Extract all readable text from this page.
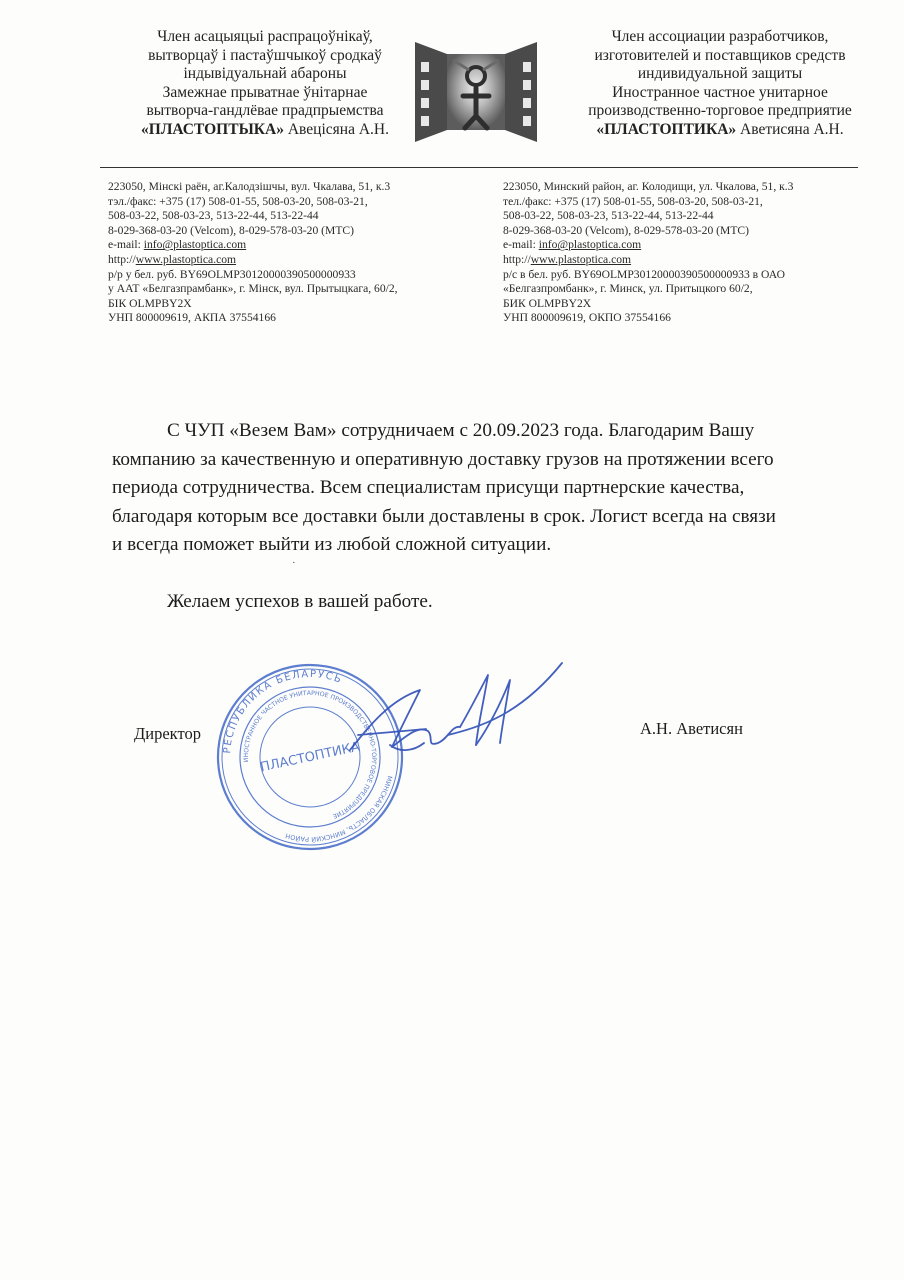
Член асацыяцыі распрацоўнікаў,
вытворцаў і пастаўшчыкоў сродкаў
індывідуальнай абароны
Замежнае прыватнае ўнітарнае
вытворча-гандлёвае прадпрыемства
«ПЛАСТОПТЫКА» Авецісяна А.Н.
Член ассоциации разработчиков,
изготовителей и поставщиков средств
индивидуальной защиты
Иностранное частное унитарное
производственно-торговое предприятие
«ПЛАСТОПТИКА» Аветисяна А.Н.
223050, Мінскі раён, аг.Калодзішчы, вул. Чкалава, 51, к.3
тэл./факс: +375 (17) 508-01-55, 508-03-20, 508-03-21,
508-03-22, 508-03-23, 513-22-44, 513-22-44
8-029-368-03-20 (Velcom), 8-029-578-03-20 (МТС)
e-mail: info@plastoptica.com
http://www.plastoptica.com
р/р у бел. руб. BY69OLMP30120000390500000933
у ААТ «Белгазпрамбанк», г. Мінск, вул. Прытыцкага, 60/2,
БІК OLMPBY2X
УНП 800009619, АКПА 37554166
223050, Минский район, аг. Колодищи, ул. Чкалова, 51, к.3
тел./факс: +375 (17) 508-01-55, 508-03-20, 508-03-21,
508-03-22, 508-03-23, 513-22-44, 513-22-44
8-029-368-03-20 (Velcom), 8-029-578-03-20 (МТС)
e-mail: info@plastoptica.com
http://www.plastoptica.com
р/с в бел. руб. BY69OLMP30120000390500000933 в ОАО
«Белгазпромбанк», г. Минск, ул. Притыцкого 60/2,
БИК OLMPBY2X
УНП 800009619, ОКПО 37554166

С ЧУП «Везем Вам» сотрудничаем с 20.09.2023 года. Благодарим Вашу
компанию за качественную и оперативную доставку грузов на протяжении всего
периода сотрудничества. Всем специалистам присущи партнерские качества,
благодаря которым все доставки были доставлены в срок. Логист всегда на связи
и всегда поможет выйти из любой сложной ситуации.

Желаем успехов в вашей работе.
Директор	А.Н. Аветисян
РЕСПУБЛИКА БЕЛАРУСЬ
ИНОСТРАННОЕ ЧАСТНОЕ УНИТАРНОЕ ПРОИЗВОДСТВЕННО-ТОРГОВОЕ ПРЕДПРИЯТИЕ
МИНСКАЯ ОБЛАСТЬ, МИНСКИЙ РАЙОН
ПЛАСТОПТИКА
˙
